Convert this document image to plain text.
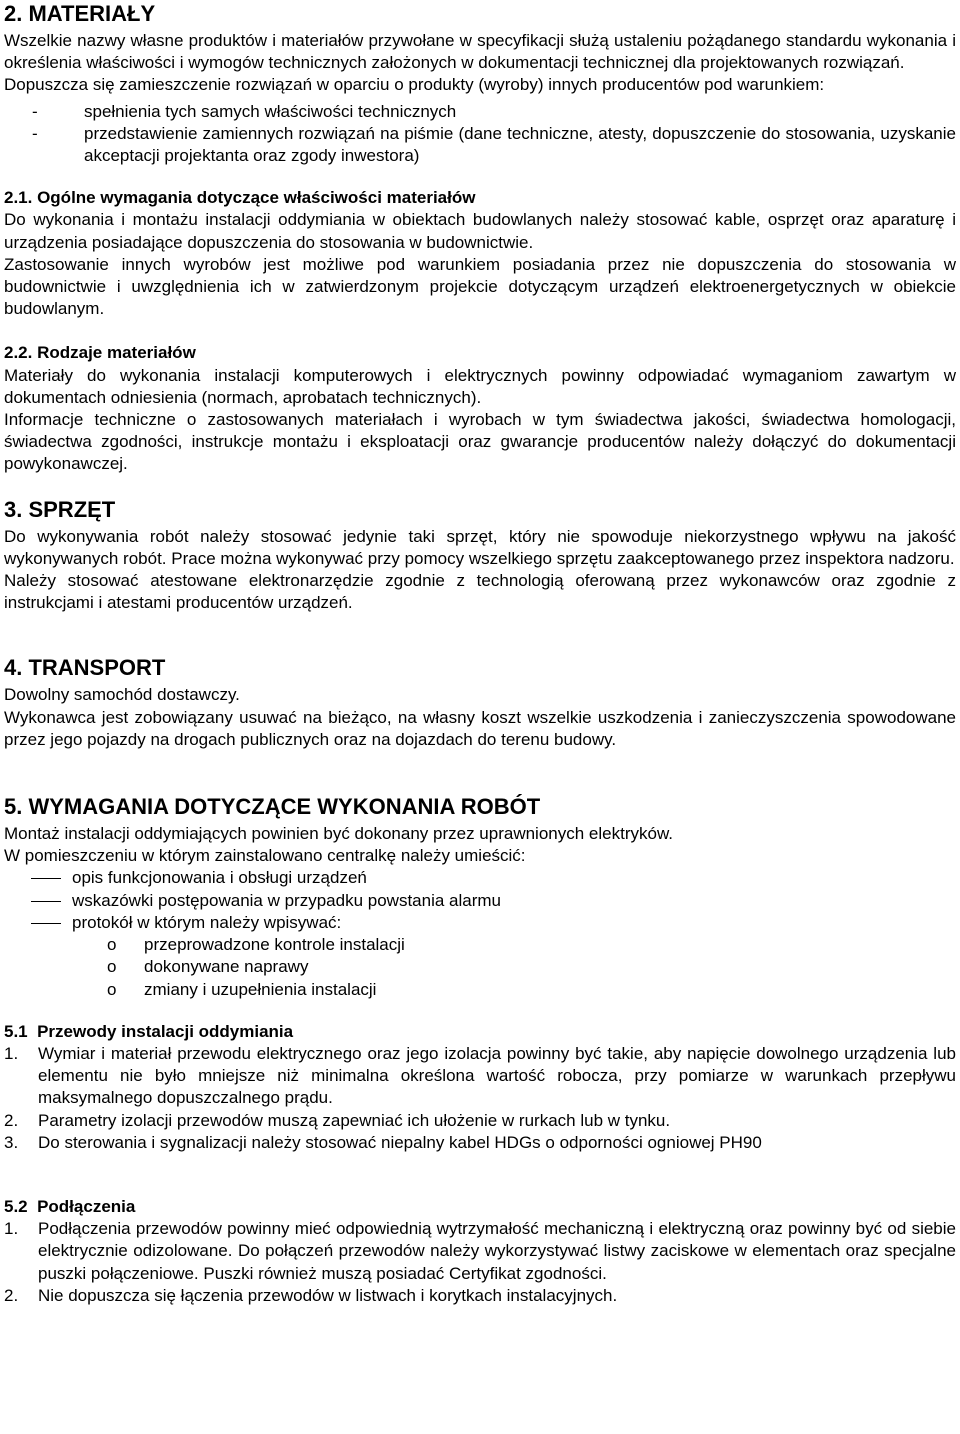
2. MATERIAŁY

Wszelkie nazwy własne produktów i materiałów przywołane w specyfikacji służą ustaleniu pożądanego standardu wykonania i określenia właściwości i wymogów technicznych założonych w dokumentacji technicznej dla projektowanych rozwiązań.

Dopuszcza się zamieszczenie rozwiązań w oparciu o produkty (wyroby) innych producentów pod warunkiem:

-	spełnienia tych samych właściwości technicznych
-	przedstawienie zamiennych rozwiązań na piśmie (dane techniczne, atesty, dopuszczenie do stosowania, uzyskanie akceptacji projektanta oraz zgody inwestora)
2.1. Ogólne wymagania dotyczące właściwości materiałów

Do wykonania i montażu instalacji oddymiania w obiektach budowlanych należy stosować kable, osprzęt oraz aparaturę i urządzenia posiadające dopuszczenia do stosowania w budownictwie.

Zastosowanie innych wyrobów jest możliwe pod warunkiem posiadania przez nie dopuszczenia do stosowania w budownictwie i uwzględnienia ich w zatwierdzonym projekcie dotyczącym urządzeń elektroenergetycznych w obiekcie budowlanym.

2.2. Rodzaje materiałów

Materiały do wykonania instalacji komputerowych i elektrycznych powinny odpowiadać wymaganiom zawartym w dokumentach odniesienia (normach, aprobatach technicznych).

Informacje techniczne o zastosowanych materiałach i wyrobach w tym świadectwa jakości, świadectwa homologacji, świadectwa zgodności, instrukcje montażu i eksploatacji oraz gwarancje producentów należy dołączyć do dokumentacji powykonawczej.

3. SPRZĘT

Do wykonywania robót należy stosować jedynie taki sprzęt, który nie spowoduje niekorzystnego wpływu na jakość wykonywanych robót. Prace można wykonywać przy pomocy wszelkiego sprzętu zaakceptowanego przez inspektora nadzoru.

Należy stosować atestowane elektronarzędzie zgodnie z technologią oferowaną przez wykonawców oraz zgodnie z instrukcjami i atestami producentów urządzeń.

4. TRANSPORT

Dowolny samochód dostawczy.

Wykonawca jest zobowiązany usuwać na bieżąco, na własny koszt wszelkie uszkodzenia i zanieczyszczenia spowodowane przez jego pojazdy na drogach publicznych oraz na dojazdach do terenu budowy.

5. WYMAGANIA DOTYCZĄCE WYKONANIA ROBÓT

Montaż instalacji oddymiających powinien być dokonany przez uprawnionych elektryków.

W pomieszczeniu w którym zainstalowano centralkę należy umieścić:

opis funkcjonowania i obsługi urządzeń
wskazówki postępowania w przypadku powstania alarmu
protokół w którym należy wpisywać:
o przeprowadzone kontrole instalacji
o dokonywane naprawy
o zmiany i uzupełnienia instalacji
5.1  Przewody instalacji oddymiania
1. Wymiar i materiał przewodu elektrycznego oraz jego izolacja powinny być takie, aby napięcie dowolnego urządzenia lub elementu nie było mniejsze niż minimalna określona wartość robocza, przy pomiarze w warunkach przepływu maksymalnego dopuszczalnego prądu.
2. Parametry izolacji przewodów muszą zapewniać ich ułożenie w rurkach lub w tynku.
3. Do sterowania i sygnalizacji należy stosować niepalny kabel HDGs o odporności ogniowej PH90
5.2  Podłączenia
1. Podłączenia przewodów powinny mieć odpowiednią wytrzymałość mechaniczną i elektryczną oraz powinny być od siebie elektrycznie odizolowane. Do połączeń przewodów należy wykorzystywać listwy zaciskowe w elementach oraz specjalne puszki połączeniowe. Puszki również muszą posiadać Certyfikat zgodności.
2. Nie dopuszcza się łączenia przewodów w listwach i korytkach instalacyjnych.
